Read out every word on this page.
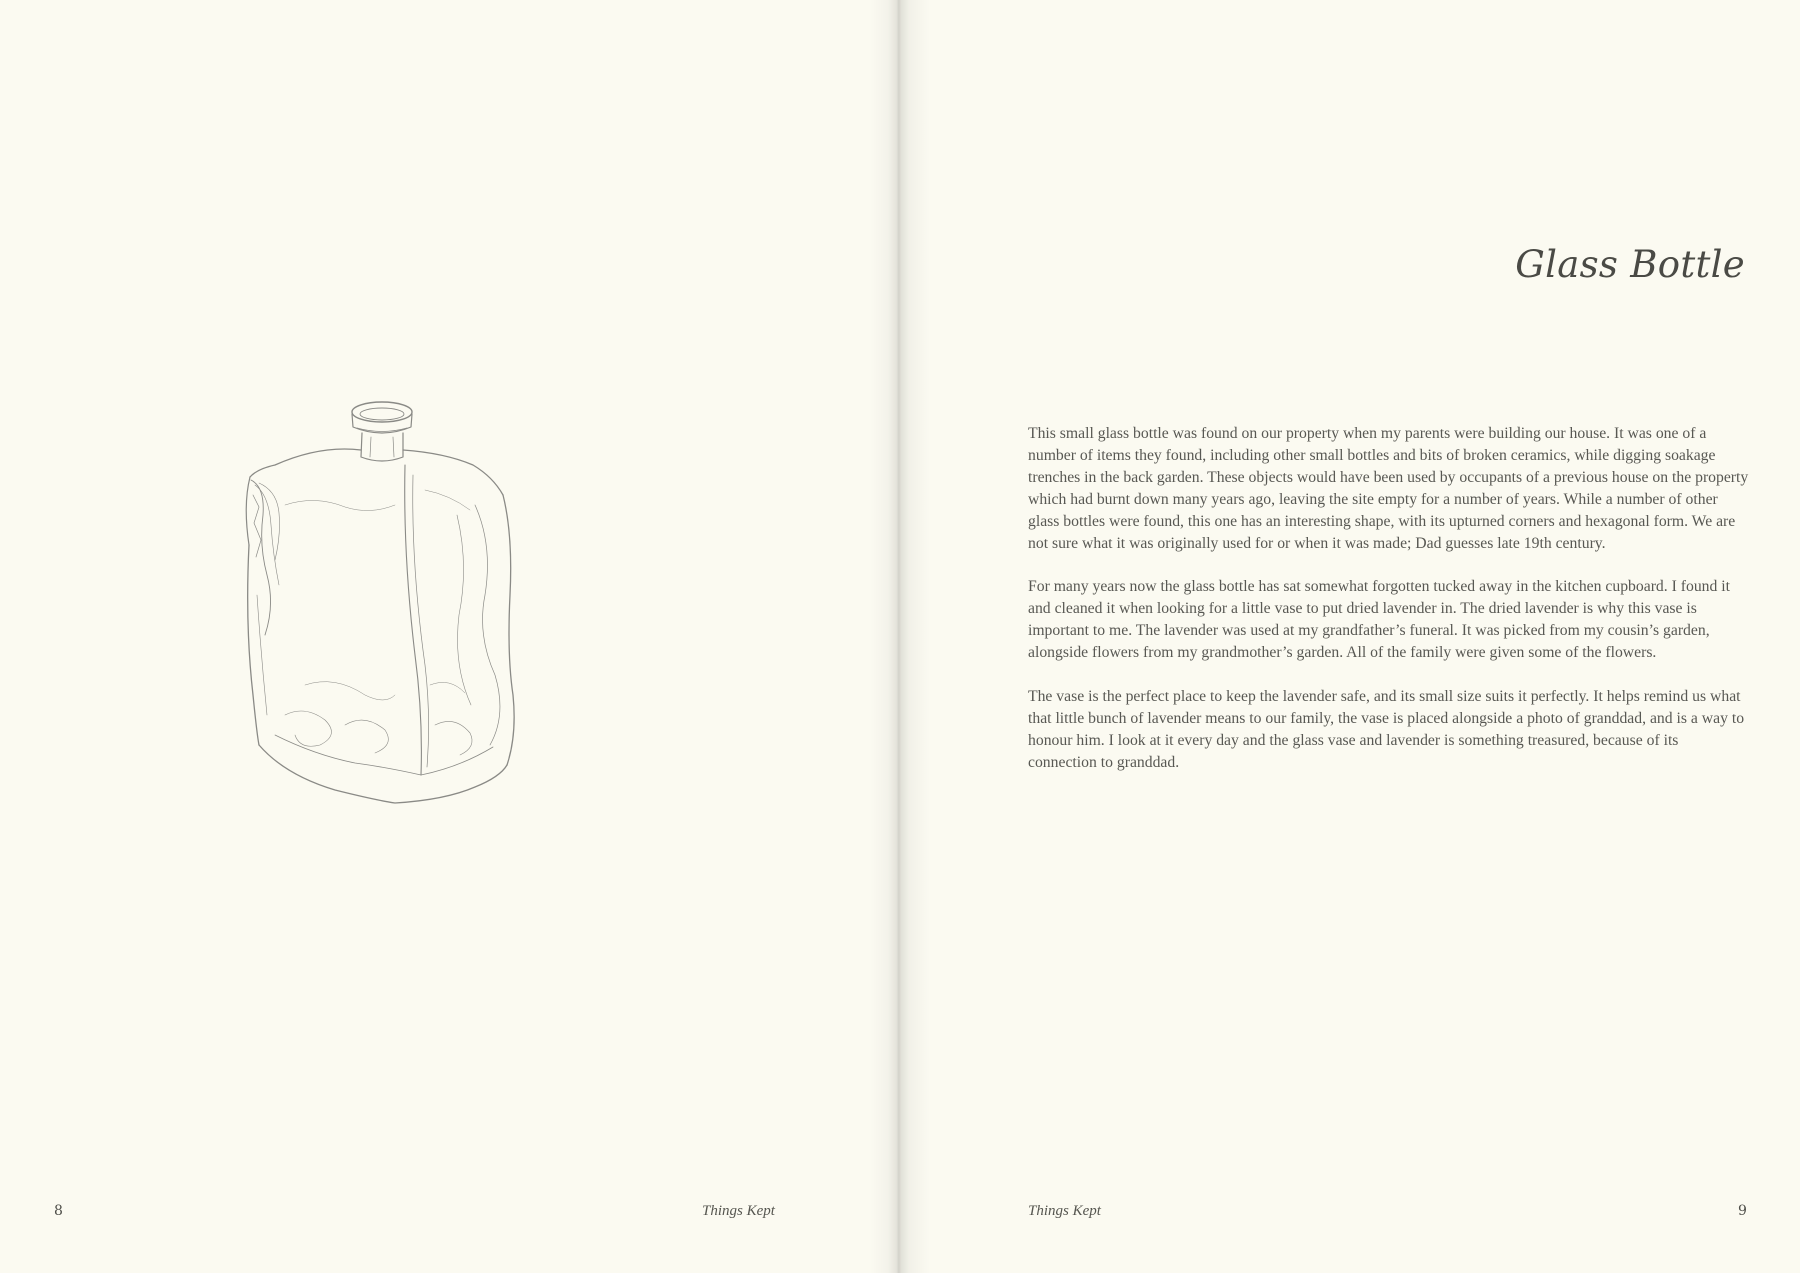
8	Things Kept
Glass Bottle

This small glass bottle was found on our property when my parents were building our house. It was one of a number of items they found, including other small bottles and bits of broken ceramics, while digging soakage trenches in the back garden. These objects would have been used by occupants of a previous house on the property which had burnt down many years ago, leaving the site empty for a number of years. While a number of other glass bottles were found, this one has an interesting shape, with its upturned corners and hexagonal form. We are not sure what it was originally used for or when it was made; Dad guesses late 19th century.

For many years now the glass bottle has sat somewhat forgotten tucked away in the kitchen cupboard. I found it and cleaned it when looking for a little vase to put dried lavender in. The dried lavender is why this vase is important to me. The lavender was used at my grandfather’s funeral. It was picked from my cousin’s garden, alongside flowers from my grandmother’s garden. All of the family were given some of the flowers.

The vase is the perfect place to keep the lavender safe, and its small size suits it perfectly. It helps remind us what that little bunch of lavender means to our family, the vase is placed alongside a photo of granddad, and is a way to honour him. I look at it every day and the glass vase and lavender is something treasured, because of its connection to granddad.

Things Kept	9
